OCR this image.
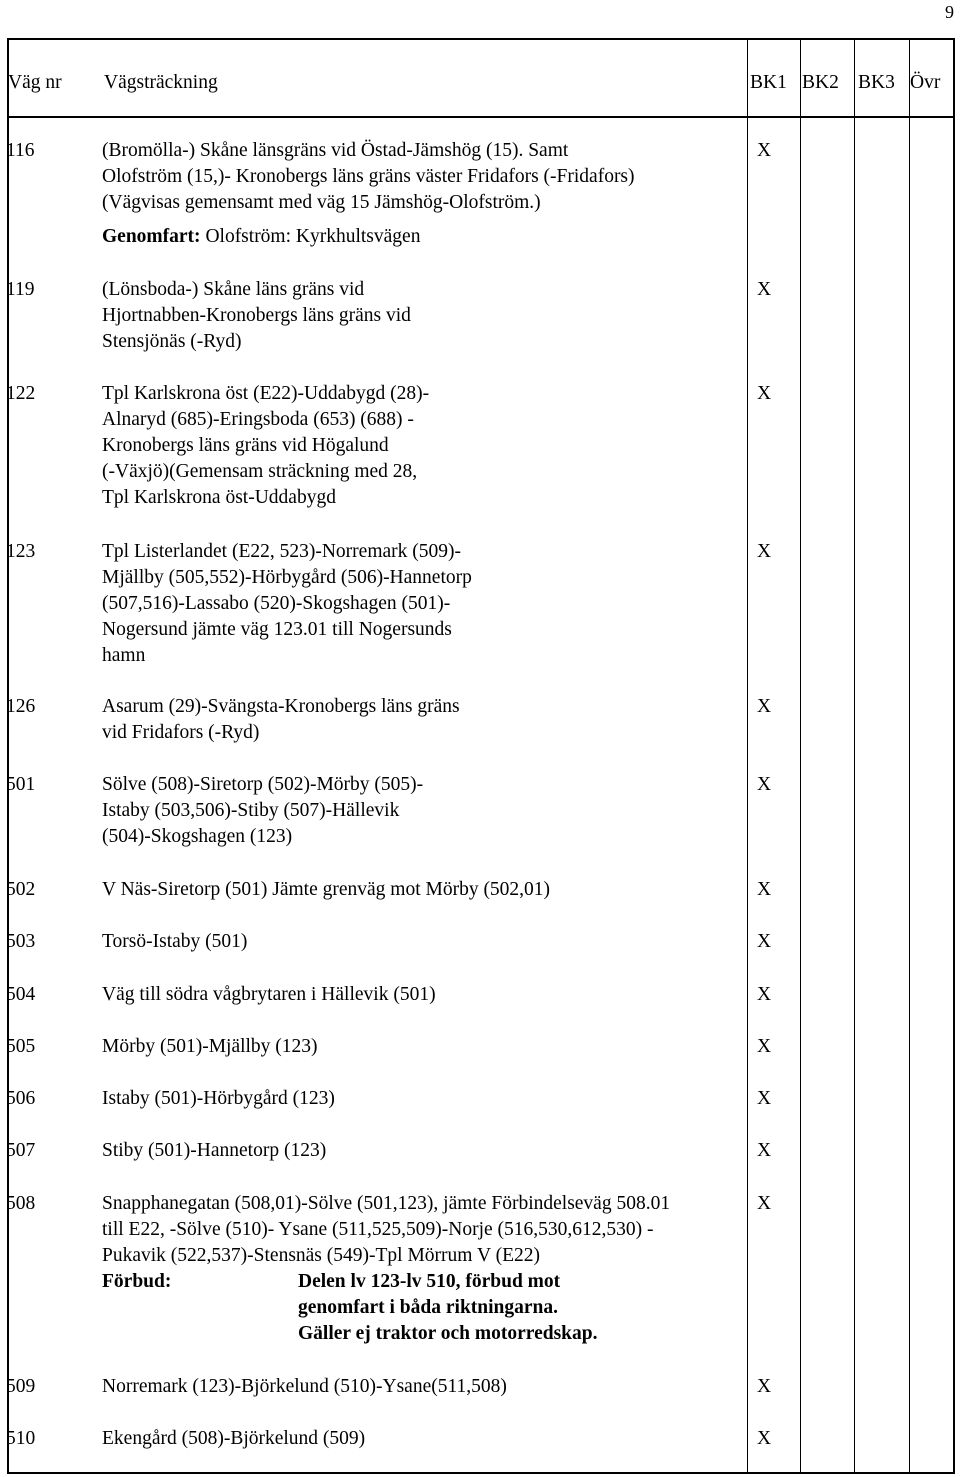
9
Väg nr Vägsträckning	BK1 BK2 BK3 Övr
116	(Bromölla-) Skåne länsgräns vid Östad-Jämshög (15). Samt
Olofström (15,)- Kronobergs läns gräns väster Fridafors (-Fridafors)
(Vägvisas gemensamt med väg 15 Jämshög-Olofström.)
Genomfart: Olofström: Kyrkhultsvägen
X
119	(Lönsboda-) Skåne läns gräns vid
Hjortnabben-Kronobergs läns gräns vid
Stensjönäs (-Ryd)
X
122	Tpl Karlskrona öst (E22)-Uddabygd (28)-
Alnaryd (685)-Eringsboda (653) (688) -
Kronobergs läns gräns vid Högalund
(-Växjö)(Gemensam sträckning med 28,
Tpl Karlskrona öst-Uddabygd
X
123	Tpl Listerlandet (E22, 523)-Norremark (509)-
Mjällby (505,552)-Hörbygård (506)-Hannetorp
(507,516)-Lassabo (520)-Skogshagen (501)-
Nogersund jämte väg 123.01 till Nogersunds
hamn
X
126	Asarum (29)-Svängsta-Kronobergs läns gräns
vid Fridafors (-Ryd)
X
501	Sölve (508)-Siretorp (502)-Mörby (505)-
Istaby (503,506)-Stiby (507)-Hällevik
(504)-Skogshagen (123)
X
502	V Näs-Siretorp (501) Jämte grenväg mot Mörby (502,01)	X
503	Torsö-Istaby (501)	X
504	Väg till södra vågbrytaren i Hällevik (501)	X
505	Mörby (501)-Mjällby (123)	X
506	Istaby (501)-Hörbygård (123)	X
507	Stiby (501)-Hannetorp (123)	X
508	Snapphanegatan (508,01)-Sölve (501,123), jämte Förbindelseväg 508.01
till E22, -Sölve (510)- Ysane (511,525,509)-Norje (516,530,612,530) -
Pukavik (522,537)-Stensnäs (549)-Tpl Mörrum V (E22)
Förbud:	Delen lv 123-lv 510, förbud mot
genomfart i båda riktningarna.
Gäller ej traktor och motorredskap.
X
509	Norremark (123)-Björkelund (510)-Ysane(511,508)	X
510	Ekengård (508)-Björkelund (509)	X
